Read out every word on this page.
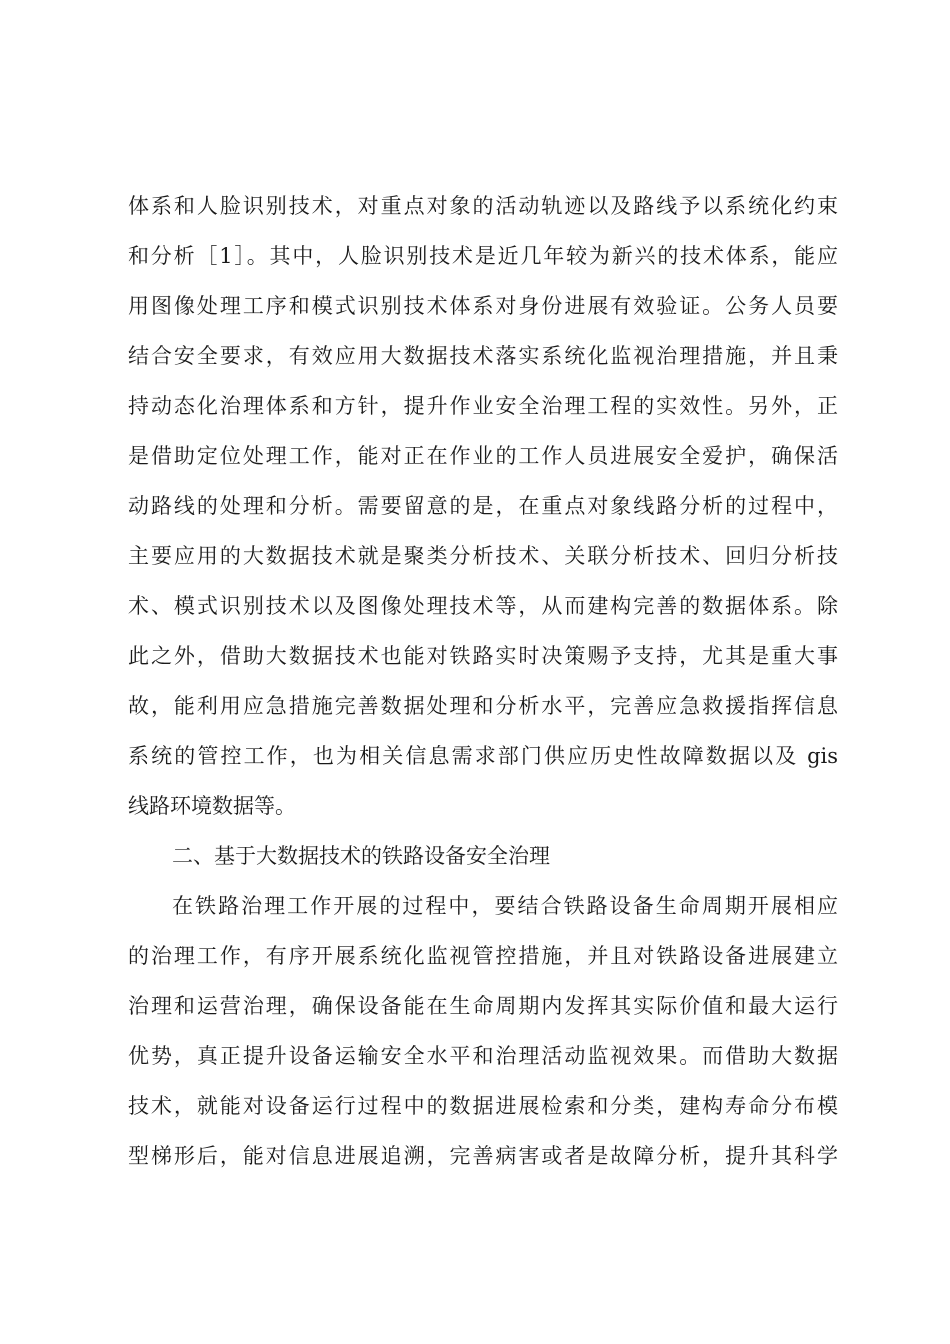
体系和人脸识别技术，对重点对象的活动轨迹以及路线予以系统化约束
和分析［1］。其中，人脸识别技术是近几年较为新兴的技术体系，能应
用图像处理工序和模式识别技术体系对身份进展有效验证。公务人员要
结合安全要求，有效应用大数据技术落实系统化监视治理措施，并且秉
持动态化治理体系和方针，提升作业安全治理工程的实效性。另外，正
是借助定位处理工作，能对正在作业的工作人员进展安全爱护，确保活
动路线的处理和分析。需要留意的是，在重点对象线路分析的过程中，
主要应用的大数据技术就是聚类分析技术、关联分析技术、回归分析技
术、模式识别技术以及图像处理技术等，从而建构完善的数据体系。除
此之外，借助大数据技术也能对铁路实时决策赐予支持，尤其是重大事
故，能利用应急措施完善数据处理和分析水平，完善应急救援指挥信息
系统的管控工作，也为相关信息需求部门供应历史性故障数据以及 gis
线路环境数据等。
二、基于大数据技术的铁路设备安全治理
在铁路治理工作开展的过程中，要结合铁路设备生命周期开展相应
的治理工作，有序开展系统化监视管控措施，并且对铁路设备进展建立
治理和运营治理，确保设备能在生命周期内发挥其实际价值和最大运行
优势，真正提升设备运输安全水平和治理活动监视效果。而借助大数据
技术，就能对设备运行过程中的数据进展检索和分类，建构寿命分布模
型梯形后，能对信息进展追溯，完善病害或者是故障分析，提升其科学
